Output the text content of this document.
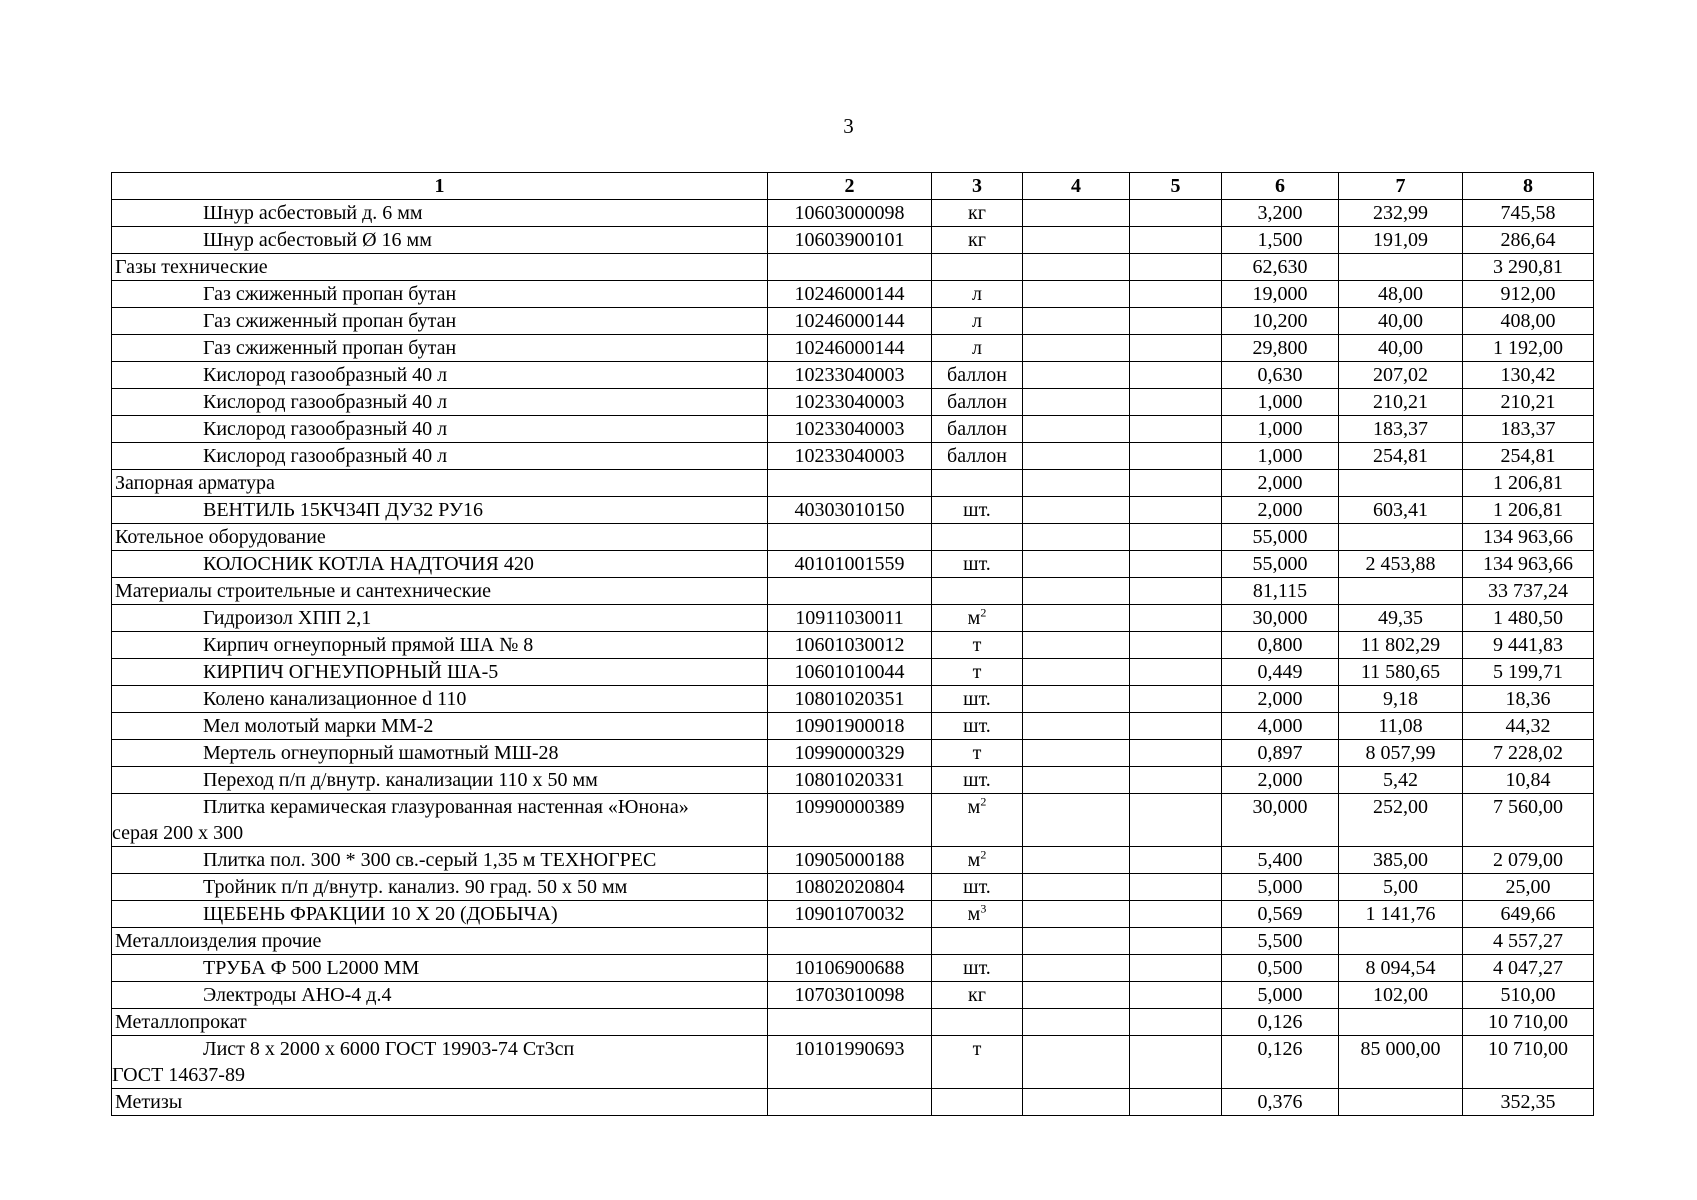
3
1	2	3	4	5	6	7	8
Шнур асбестовый д. 6 мм	10603000098	кг			3,200	232,99	745,58
Шнур асбестовый Ø 16 мм	10603900101	кг			1,500	191,09	286,64
Газы технические					62,630		3 290,81
Газ сжиженный пропан бутан	10246000144	л			19,000	48,00	912,00
Газ сжиженный пропан бутан	10246000144	л			10,200	40,00	408,00
Газ сжиженный пропан бутан	10246000144	л			29,800	40,00	1 192,00
Кислород газообразный 40 л	10233040003	баллон			0,630	207,02	130,42
Кислород газообразный 40 л	10233040003	баллон			1,000	210,21	210,21
Кислород газообразный 40 л	10233040003	баллон			1,000	183,37	183,37
Кислород газообразный 40 л	10233040003	баллон			1,000	254,81	254,81
Запорная арматура					2,000		1 206,81
ВЕНТИЛЬ 15КЧ34П ДУ32 РУ16	40303010150	шт.			2,000	603,41	1 206,81
Котельное оборудование					55,000		134 963,66
КОЛОСНИК КОТЛА НАДТОЧИЯ 420	40101001559	шт.			55,000	2 453,88	134 963,66
Материалы строительные и сантехнические					81,115		33 737,24
Гидроизол ХПП 2,1	10911030011	$м^2$			30,000	49,35	1 480,50
Кирпич огнеупорный прямой ША № 8	10601030012	т			0,800	11 802,29	9 441,83
КИРПИЧ ОГНЕУПОРНЫЙ ША-5	10601010044	т			0,449	11 580,65	5 199,71
Колено канализационное d 110	10801020351	шт.			2,000	9,18	18,36
Мел молотый марки ММ-2	10901900018	шт.			4,000	11,08	44,32
Мертель огнеупорный шамотный МШ-28	10990000329	т			0,897	8 057,99	7 228,02
Переход п/п д/внутр. канализации 110 х 50 мм	10801020331	шт.			2,000	5,42	10,84
Плитка керамическая глазурованная настенная «Юнона»
серая 200 х 300	10990000389	$м^2$			30,000	252,00	7 560,00
Плитка пол. 300 * 300 св.-серый 1,35 м ТЕХНОГРЕС	10905000188	$м^2$			5,400	385,00	2 079,00
Тройник п/п д/внутр. канализ. 90 град. 50 х 50 мм	10802020804	шт.			5,000	5,00	25,00
ЩЕБЕНЬ ФРАКЦИИ 10 Х 20 (ДОБЫЧА)	10901070032	$м^3$			0,569	1 141,76	649,66
Металлоизделия прочие					5,500		4 557,27
ТРУБА Ф 500 L2000 ММ	10106900688	шт.			0,500	8 094,54	4 047,27
Электроды АНО-4 д.4	10703010098	кг			5,000	102,00	510,00
Металлопрокат					0,126		10 710,00
Лист 8 х 2000 х 6000 ГОСТ 19903-74 Ст3сп
ГОСТ 14637-89	10101990693	т			0,126	85 000,00	10 710,00
Метизы					0,376		352,35
